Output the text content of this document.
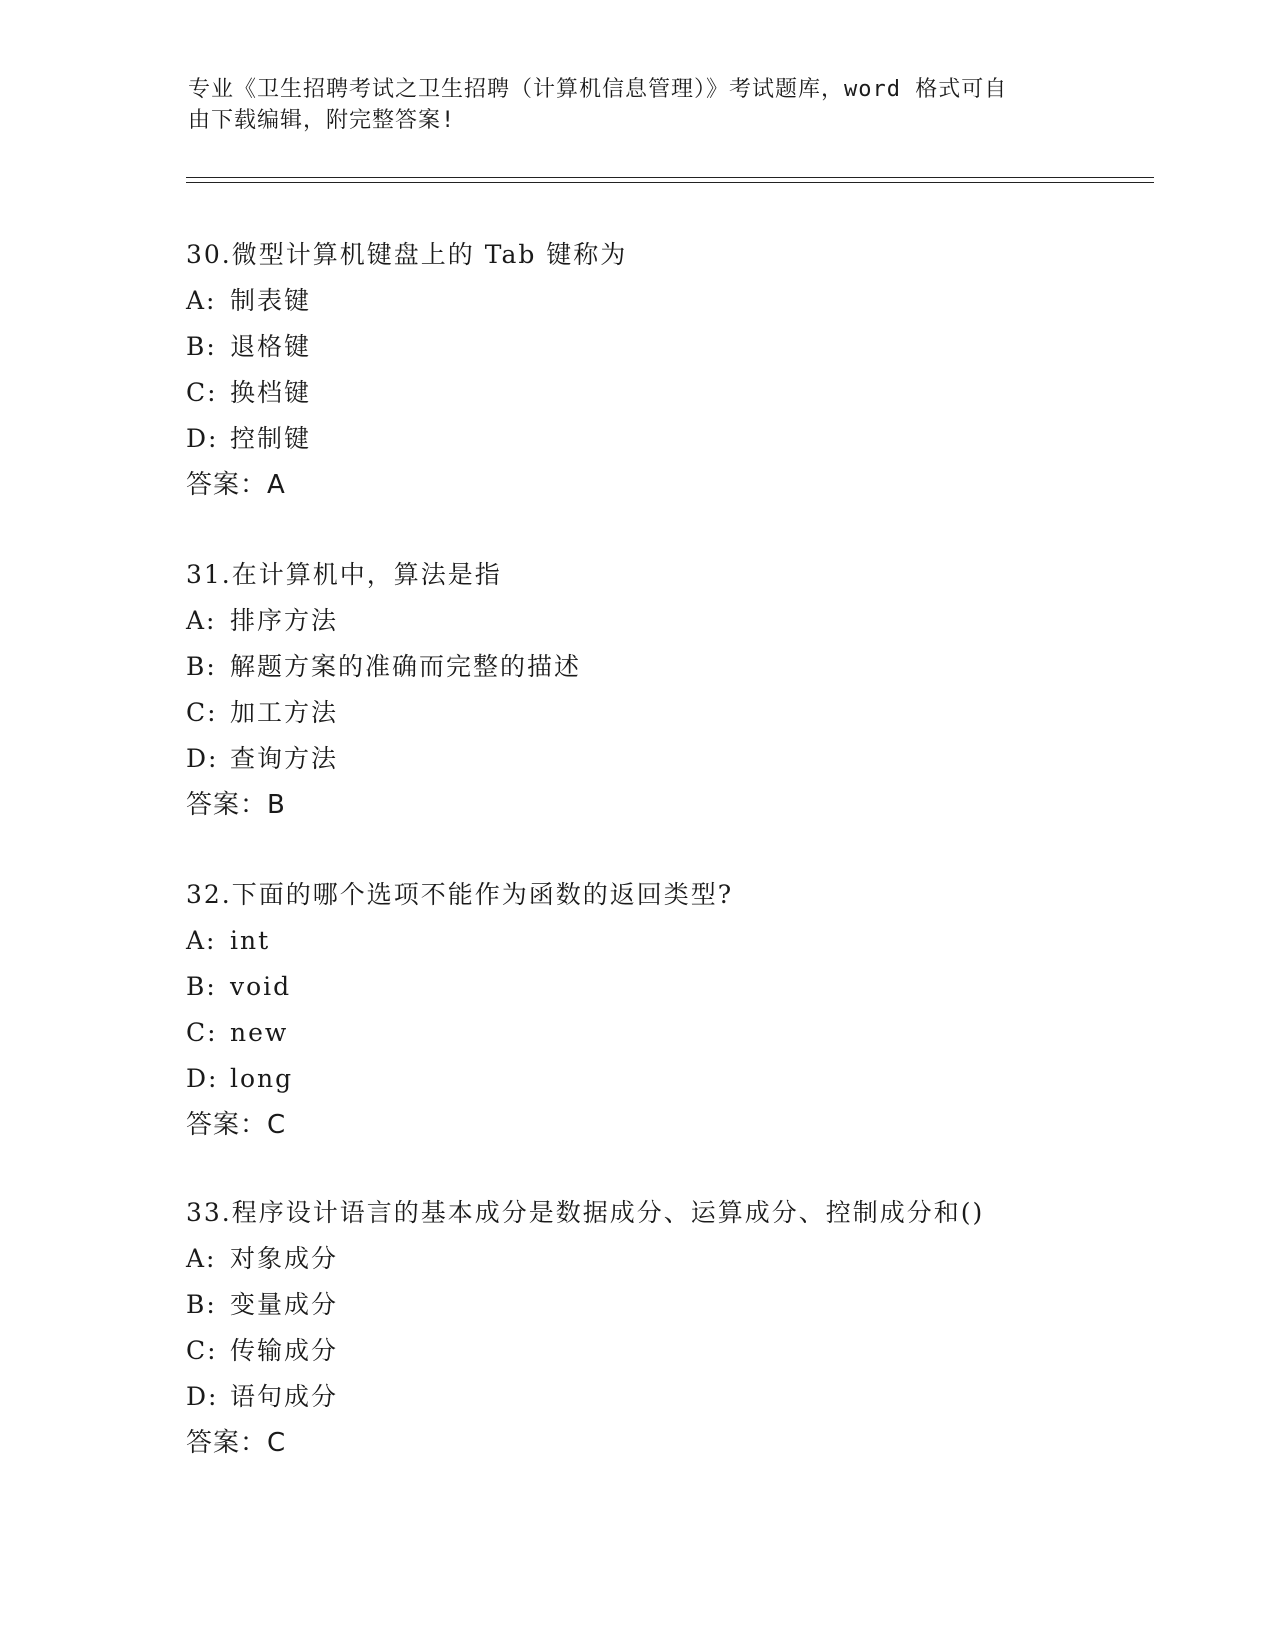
专业《卫生招聘考试之卫生招聘（计算机信息管理）》考试题库，word 格式可自
由下载编辑，附完整答案!
30.微型计算机键盘上的 Tab 键称为
A: 制表键
B: 退格键
C: 换档键
D: 控制键
答案：A
31.在计算机中，算法是指
A: 排序方法
B: 解题方案的准确而完整的描述
C: 加工方法
D: 查询方法
答案：B
32.下面的哪个选项不能作为函数的返回类型?
A: int
B: void
C: new
D: long
答案：C
33.程序设计语言的基本成分是数据成分、运算成分、控制成分和()
A: 对象成分
B: 变量成分
C: 传输成分
D: 语句成分
答案：C
